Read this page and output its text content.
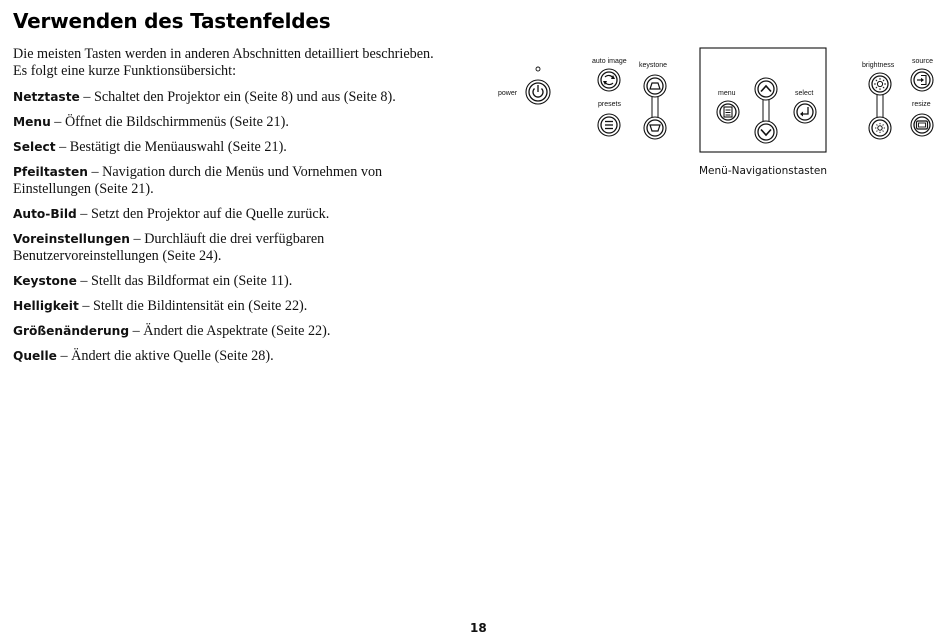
Verwenden des Tastenfeldes

Die meisten Tasten werden in anderen Abschnitten detailliert beschrieben.
Es folgt eine kurze Funktionsübersicht:

Netztaste – Schaltet den Projektor ein (Seite 8) und aus (Seite 8).

Menu – Öffnet die Bildschirmmenüs (Seite 21).

Select – Bestätigt die Menüauswahl (Seite 21).

Pfeiltasten – Navigation durch die Menüs und Vornehmen von Einstellungen (Seite 21).

Auto-Bild – Setzt den Projektor auf die Quelle zurück.

Voreinstellungen – Durchläuft die drei verfügbaren Benutzervoreinstellungen (Seite 24).

Keystone – Stellt das Bildformat ein (Seite 11).

Helligkeit – Stellt die Bildintensität ein (Seite 22).

Größenänderung – Ändert die Aspektrate (Seite 22).

Quelle – Ändert die aktive Quelle (Seite 28).

power
auto image
presets
keystone
menu	select
brightness
source
resize
Menü-Navigationstasten
18
